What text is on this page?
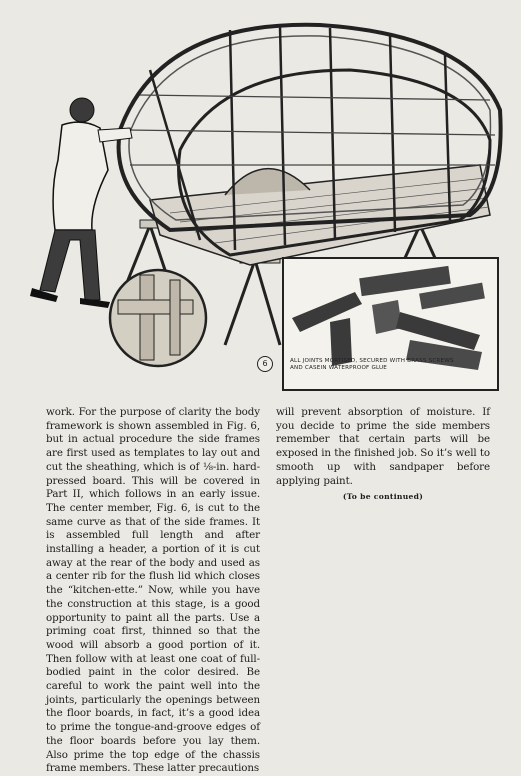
6	ALL JOINTS MORTISED, SECURED WITH BRASS SCREWS AND CASEIN WATERPROOF GLUE

work. For the purpose of clarity the body framework is shown assembled in Fig. 6, but in actual procedure the side frames are first used as templates to lay out and cut the sheathing, which is of ⅛-in. hard-pressed board. This will be covered in Part II, which follows in an early issue. The center member, Fig. 6, is cut to the same curve as that of the side frames. It is assembled full length and after installing a header, a portion of it is cut away at the rear of the body and used as a center rib for the flush lid which closes the “kitchen-ette.” Now, while you have the construction at this stage, is a good opportunity to paint all the parts. Use a priming coat first, thinned so that the wood will absorb a good portion of it. Then follow with at least one coat of full-bodied paint in the color desired. Be careful to work the paint well into the joints, particularly the openings between the floor boards, in fact, it’s a good idea to prime the tongue-and-groove edges of the floor boards before you lay them. Also prime the top edge of the chassis frame members. These latter precautions

will prevent absorption of moisture. If you decide to prime the side members remember that certain parts will be exposed in the finished job. So it’s well to smooth up with sandpaper before applying paint.

(To be continued)
